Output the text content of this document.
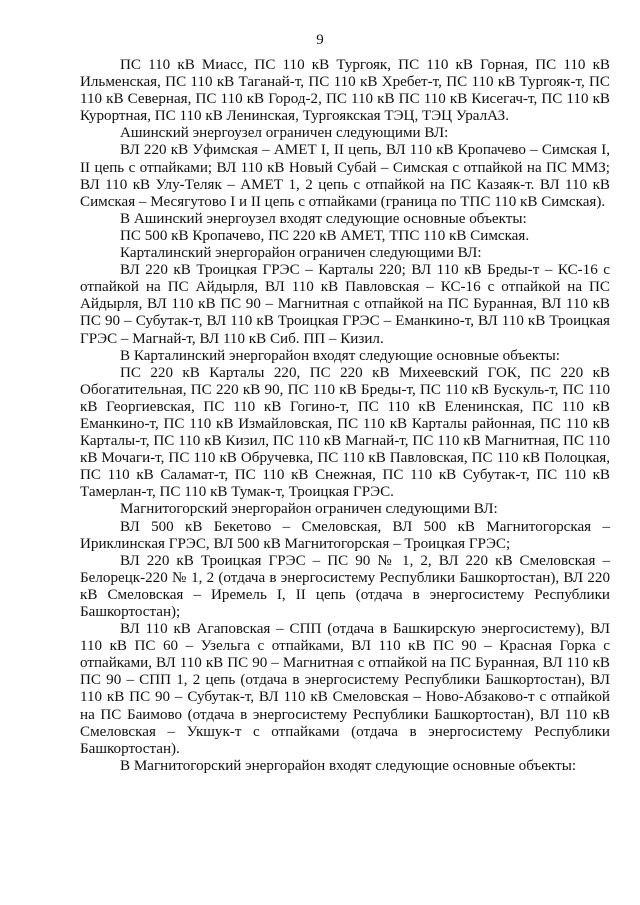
9

ПС 110 кВ Миасс, ПС 110 кВ Тургояк, ПС 110 кВ Горная, ПС 110 кВ Ильменская, ПС 110 кВ Таганай-т, ПС 110 кВ Хребет-т, ПС 110 кВ Тургояк-т, ПС 110 кВ Северная, ПС 110 кВ Город-2, ПС 110 кВ ПС 110 кВ Кисегач-т, ПС 110 кВ Курортная, ПС 110 кВ Ленинская, Тургоякская ТЭЦ, ТЭЦ УралАЗ.

Ашинский энергоузел ограничен следующими ВЛ:

ВЛ 220 кВ Уфимская – АМЕТ I, II цепь, ВЛ 110 кВ Кропачево – Симская I, II цепь с отпайками; ВЛ 110 кВ Новый Субай – Симская с отпайкой на ПС ММЗ; ВЛ 110 кВ Улу-Теляк – АМЕТ 1, 2 цепь с отпайкой на ПС Казаяк-т. ВЛ 110 кВ Симская – Месягутово I и II цепь с отпайками (граница по ТПС 110 кВ Симская).

В Ашинский энергоузел входят следующие основные объекты:

ПС 500 кВ Кропачево, ПС 220 кВ АМЕТ, ТПС 110 кВ Симская.

Карталинский энергорайон ограничен следующими ВЛ:

ВЛ 220 кВ Троицкая ГРЭС – Карталы 220; ВЛ 110 кВ Бреды-т – КС-16 с отпайкой на ПС Айдырля, ВЛ 110 кВ Павловская – КС-16 с отпайкой на ПС Айдырля, ВЛ 110 кВ ПС 90 – Магнитная с отпайкой на ПС Буранная, ВЛ 110 кВ ПС 90 – Субутак-т, ВЛ 110 кВ Троицкая ГРЭС – Еманкино-т, ВЛ 110 кВ Троицкая ГРЭС – Магнай-т, ВЛ 110 кВ Сиб. ПП – Кизил.

В Карталинский энергорайон входят следующие основные объекты:

ПС 220 кВ Карталы 220, ПС 220 кВ Михеевский ГОК, ПС 220 кВ Обогатительная, ПС 220 кВ 90, ПС 110 кВ Бреды-т, ПС 110 кВ Бускуль-т, ПС 110 кВ Георгиевская, ПС 110 кВ Гогино-т, ПС 110 кВ Еленинская, ПС 110 кВ Еманкино-т, ПС 110 кВ Измайловская, ПС 110 кВ Карталы районная, ПС 110 кВ Карталы-т, ПС 110 кВ Кизил, ПС 110 кВ Магнай-т, ПС 110 кВ Магнитная, ПС 110 кВ Мочаги-т, ПС 110 кВ Обручевка, ПС 110 кВ Павловская, ПС 110 кВ Полоцкая, ПС 110 кВ Саламат-т, ПС 110 кВ Снежная, ПС 110 кВ Субутак-т, ПС 110 кВ Тамерлан-т, ПС 110 кВ Тумак-т, Троицкая ГРЭС.

Магнитогорский энергорайон ограничен следующими ВЛ:

ВЛ 500 кВ Бекетово – Смеловская, ВЛ 500 кВ Магнитогорская – Ириклинская ГРЭС, ВЛ 500 кВ Магнитогорская – Троицкая ГРЭС;

ВЛ 220 кВ Троицкая ГРЭС – ПС 90 № 1, 2, ВЛ 220 кВ Смеловская – Белорецк-220 № 1, 2 (отдача в энергосистему Республики Башкортостан), ВЛ 220 кВ Смеловская – Иремель I, II цепь (отдача в энергосистему Республики Башкортостан);

ВЛ 110 кВ Агаповская – СПП (отдача в Башкирскую энергосистему), ВЛ 110 кВ ПС 60 – Узельга с отпайками, ВЛ 110 кВ ПС 90 – Красная Горка с отпайками, ВЛ 110 кВ ПС 90 – Магнитная с отпайкой на ПС Буранная, ВЛ 110 кВ ПС 90 – СПП 1, 2 цепь (отдача в энергосистему Республики Башкортостан), ВЛ 110 кВ ПС 90 – Субутак-т, ВЛ 110 кВ Смеловская – Ново-Абзаково-т с отпайкой на ПС Баимово (отдача в энергосистему Республики Башкортостан), ВЛ 110 кВ Смеловская – Укшук-т с отпайками (отдача в энергосистему Республики Башкортостан).

В Магнитогорский энергорайон входят следующие основные объекты:
